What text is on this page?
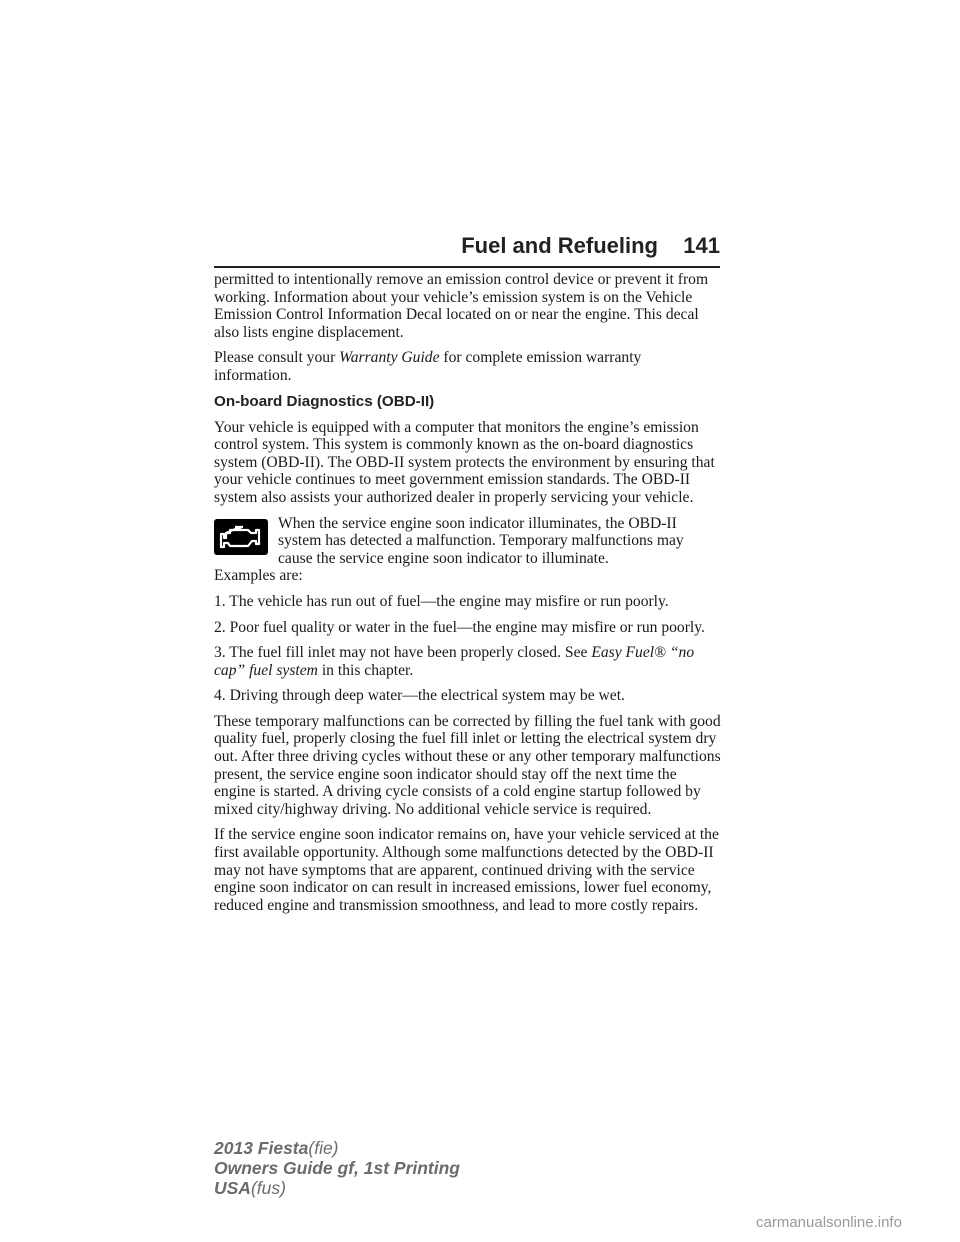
Fuel and Refueling 141

permitted to intentionally remove an emission control device or prevent it from working. Information about your vehicle’s emission system is on the Vehicle Emission Control Information Decal located on or near the engine. This decal also lists engine displacement.

Please consult your Warranty Guide for complete emission warranty information.

On-board Diagnostics (OBD-II)

Your vehicle is equipped with a computer that monitors the engine’s emission control system. This system is commonly known as the on-board diagnostics system (OBD-II). The OBD-II system protects the environment by ensuring that your vehicle continues to meet government emission standards. The OBD-II system also assists your authorized dealer in properly servicing your vehicle.

When the service engine soon indicator illuminates, the OBD-II system has detected a malfunction. Temporary malfunctions may cause the service engine soon indicator to illuminate.
Examples are:

1. The vehicle has run out of fuel—the engine may misfire or run poorly.

2. Poor fuel quality or water in the fuel—the engine may misfire or run poorly.

3. The fuel fill inlet may not have been properly closed. See Easy Fuel® “no cap” fuel system in this chapter.

4. Driving through deep water—the electrical system may be wet.

These temporary malfunctions can be corrected by filling the fuel tank with good quality fuel, properly closing the fuel fill inlet or letting the electrical system dry out. After three driving cycles without these or any other temporary malfunctions present, the service engine soon indicator should stay off the next time the engine is started. A driving cycle consists of a cold engine startup followed by mixed city/highway driving. No additional vehicle service is required.

If the service engine soon indicator remains on, have your vehicle serviced at the first available opportunity. Although some malfunctions detected by the OBD-II may not have symptoms that are apparent, continued driving with the service engine soon indicator on can result in increased emissions, lower fuel economy, reduced engine and transmission smoothness, and lead to more costly repairs.

2013 Fiesta(fie)
Owners Guide gf, 1st Printing
USA(fus)
carmanualsonline.info
